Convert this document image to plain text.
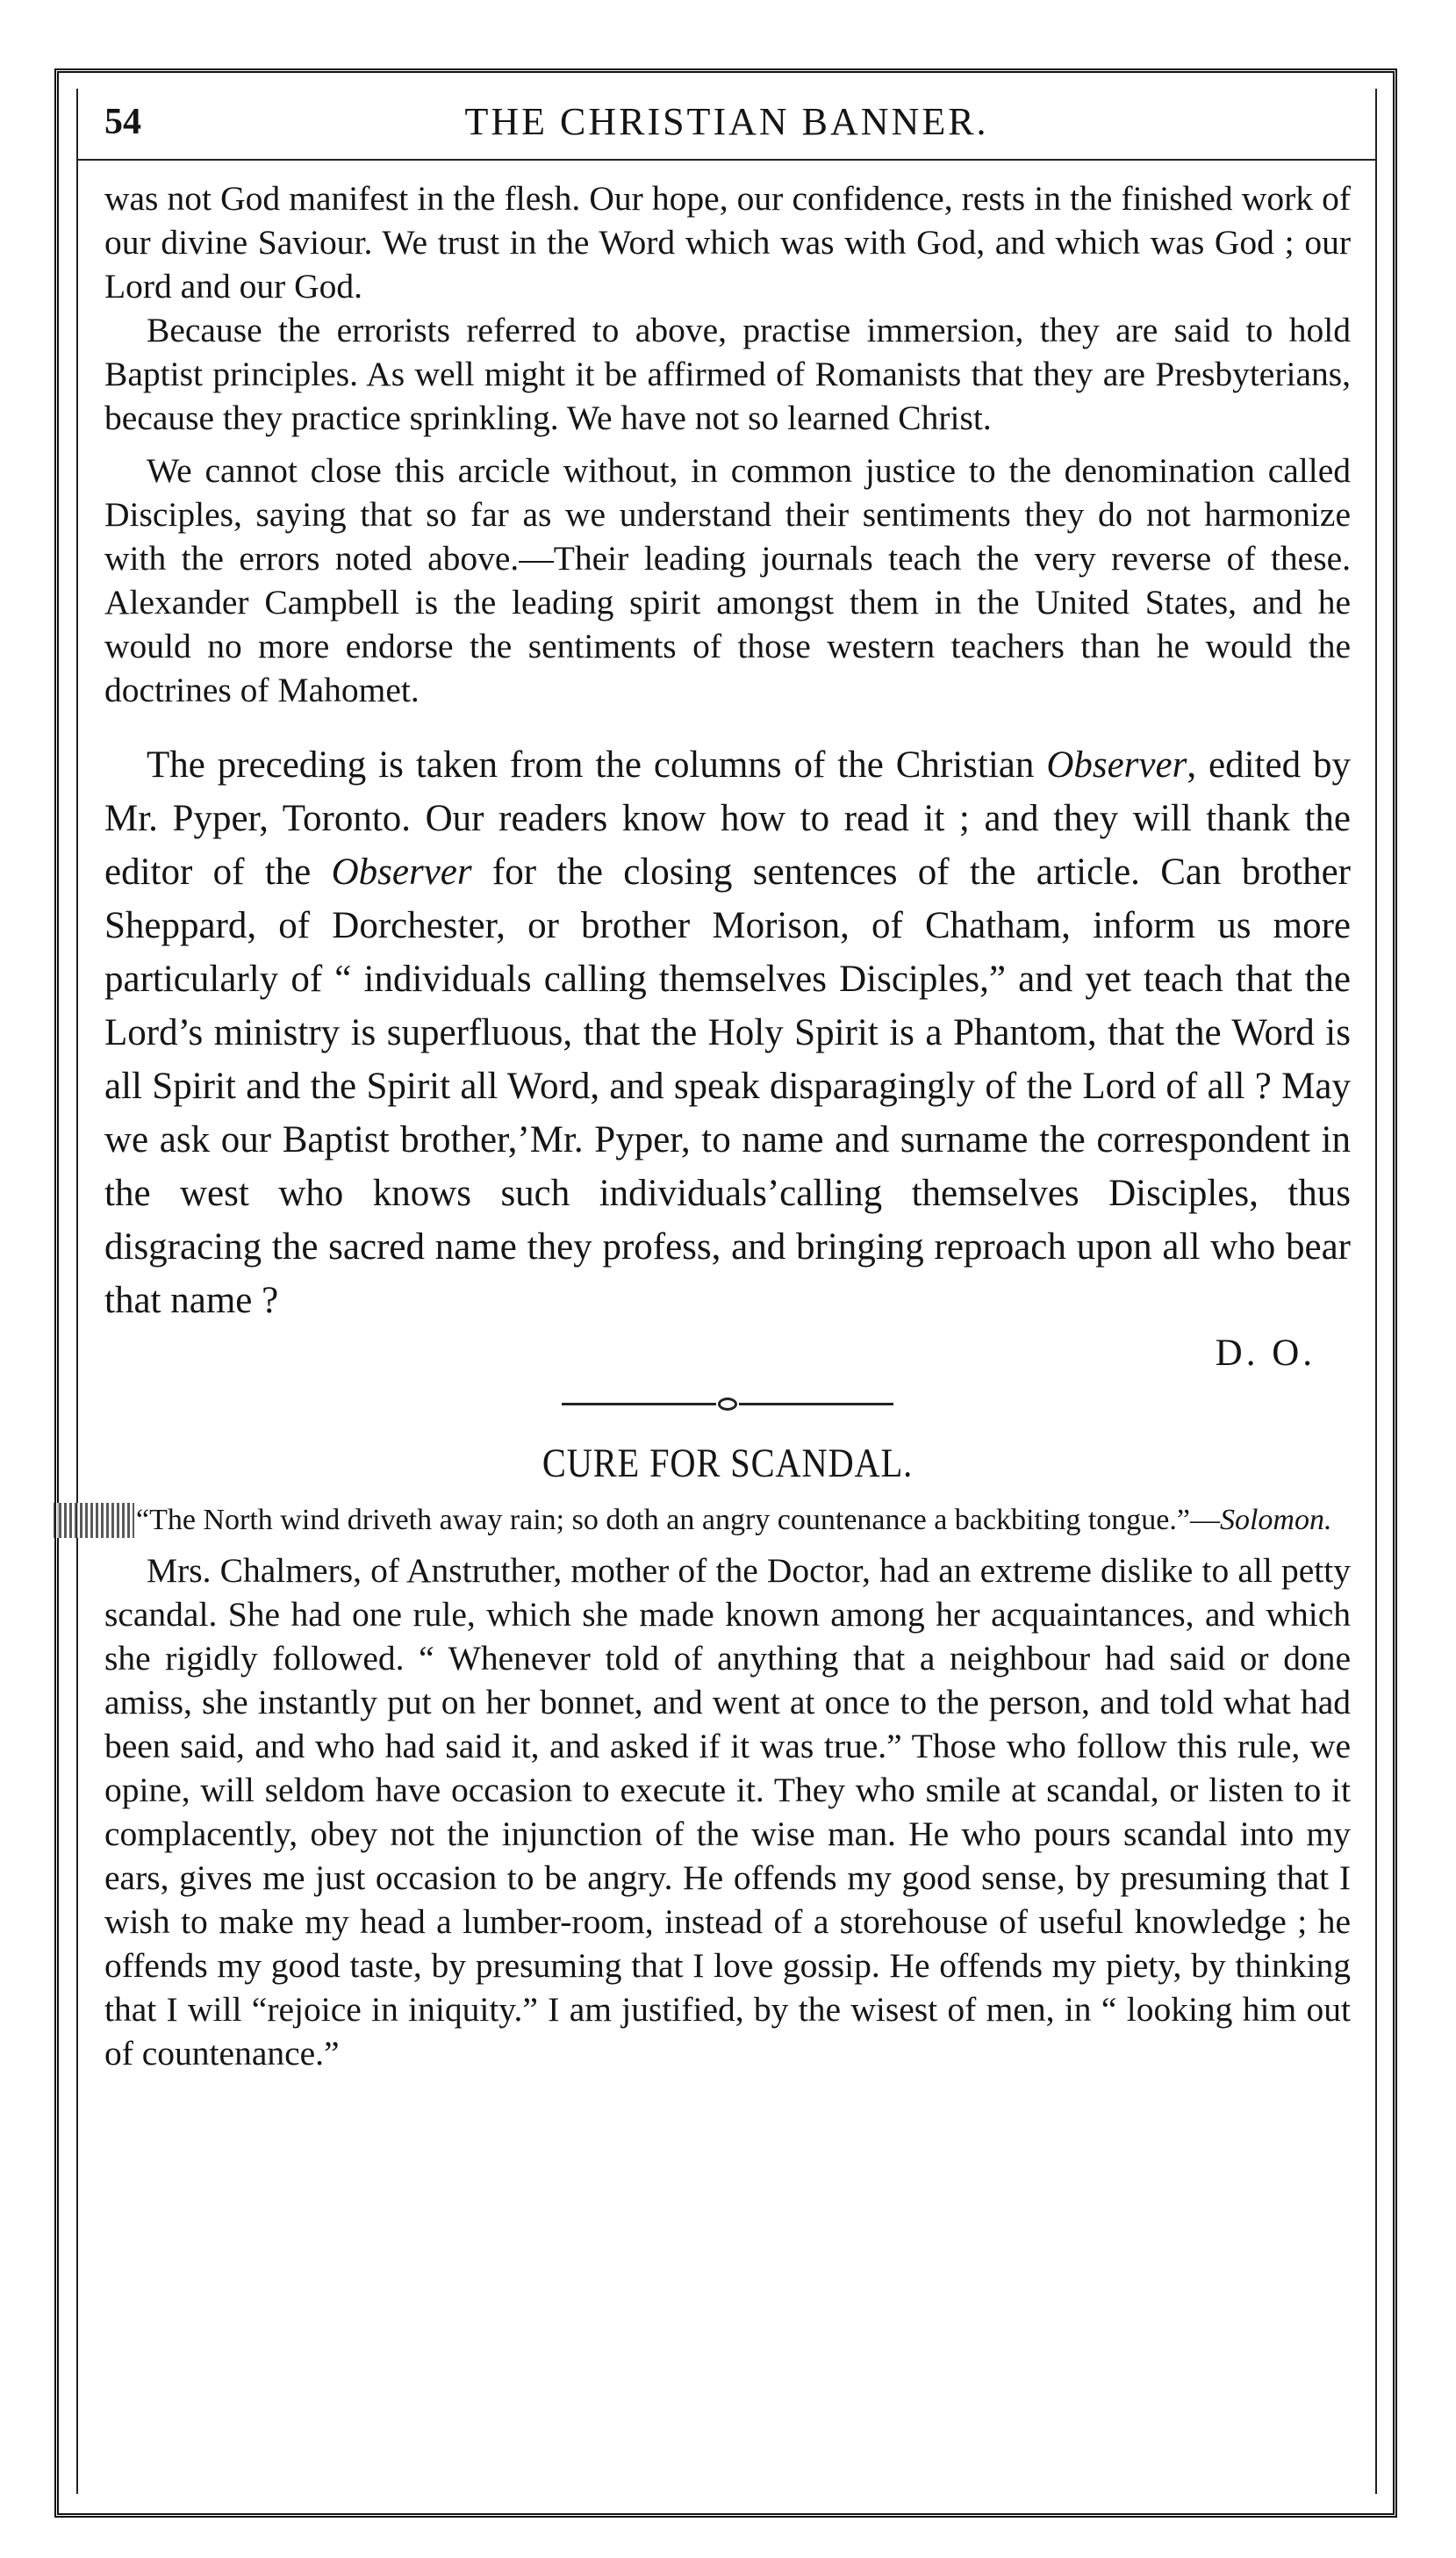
54	THE CHRISTIAN BANNER.

was not God manifest in the flesh. Our hope, our confidence, rests in the finished work of our divine Saviour. We trust in the Word which was with God, and which was God ; our Lord and our God.

Because the errorists referred to above, practise immersion, they are said to hold Baptist principles. As well might it be affirmed of Romanists that they are Presbyterians, because they practice sprinkling. We have not so learned Christ.

We cannot close this arcicle without, in common justice to the denomination called Disciples, saying that so far as we understand their sentiments they do not harmonize with the errors noted above.—Their leading journals teach the very reverse of these. Alexander Campbell is the leading spirit amongst them in the United States, and he would no more endorse the sentiments of those western teachers than he would the doctrines of Mahomet.

The preceding is taken from the columns of the Christian Observer, edited by Mr. Pyper, Toronto. Our readers know how to read it ; and they will thank the editor of the Observer for the closing sentences of the article. Can brother Sheppard, of Dorchester, or brother Morison, of Chatham, inform us more particularly of “ individuals calling themselves Disciples,” and yet teach that the Lord’s ministry is superfluous, that the Holy Spirit is a Phantom, that the Word is all Spirit and the Spirit all Word, and speak disparagingly of the Lord of all ? May we ask our Baptist brother,’Mr. Pyper, to name and surname the correspondent in the west who knows such individuals’calling themselves Disciples, thus disgracing the sacred name they profess, and bringing reproach upon all who bear that name ?

D. O.
CURE FOR SCANDAL.

“The North wind driveth away rain; so doth an angry countenance a backbiting tongue.”—Solomon.

Mrs. Chalmers, of Anstruther, mother of the Doctor, had an extreme dislike to all petty scandal. She had one rule, which she made known among her acquaintances, and which she rigidly followed. “ Whenever told of anything that a neighbour had said or done amiss, she instantly put on her bonnet, and went at once to the person, and told what had been said, and who had said it, and asked if it was true.” Those who follow this rule, we opine, will seldom have occasion to execute it. They who smile at scandal, or listen to it complacently, obey not the injunction of the wise man. He who pours scandal into my ears, gives me just occasion to be angry. He offends my good sense, by presuming that I wish to make my head a lumber-room, instead of a storehouse of useful knowledge ; he offends my good taste, by presuming that I love gossip. He offends my piety, by thinking that I will “rejoice in iniquity.” I am justified, by the wisest of men, in “ looking him out of countenance.”
